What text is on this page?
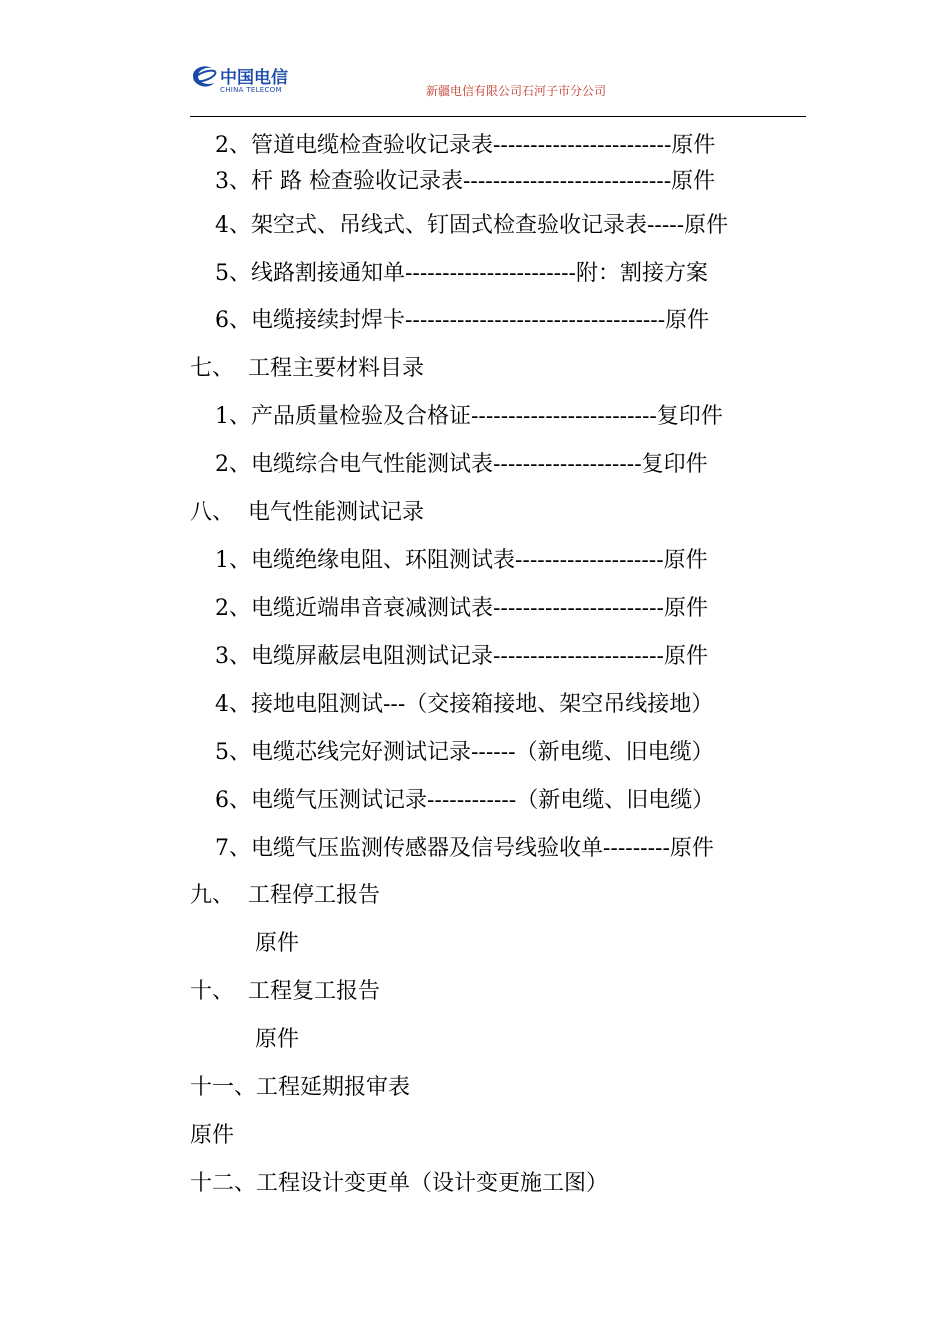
中国电信
CHINA TELECOM	新疆电信有限公司石河子市分公司
2、管道电缆检查验收记录表------------------------原件
3、杆 路 检查验收记录表----------------------------原件
4、架空式、吊线式、钉固式检查验收记录表-----原件
5、线路割接通知单-----------------------附：割接方案
6、电缆接续封焊卡-----------------------------------原件
七、  工程主要材料目录
1、产品质量检验及合格证-------------------------复印件
2、电缆综合电气性能测试表--------------------复印件
八、  电气性能测试记录
1、电缆绝缘电阻、环阻测试表--------------------原件
2、电缆近端串音衰减测试表-----------------------原件
3、电缆屏蔽层电阻测试记录-----------------------原件
4、接地电阻测试---（交接箱接地、架空吊线接地）
5、电缆芯线完好测试记录------（新电缆、旧电缆）
6、电缆气压测试记录------------（新电缆、旧电缆）
7、电缆气压监测传感器及信号线验收单---------原件
九、  工程停工报告
原件
十、  工程复工报告
原件
十一、工程延期报审表
原件
十二、工程设计变更单（设计变更施工图）
